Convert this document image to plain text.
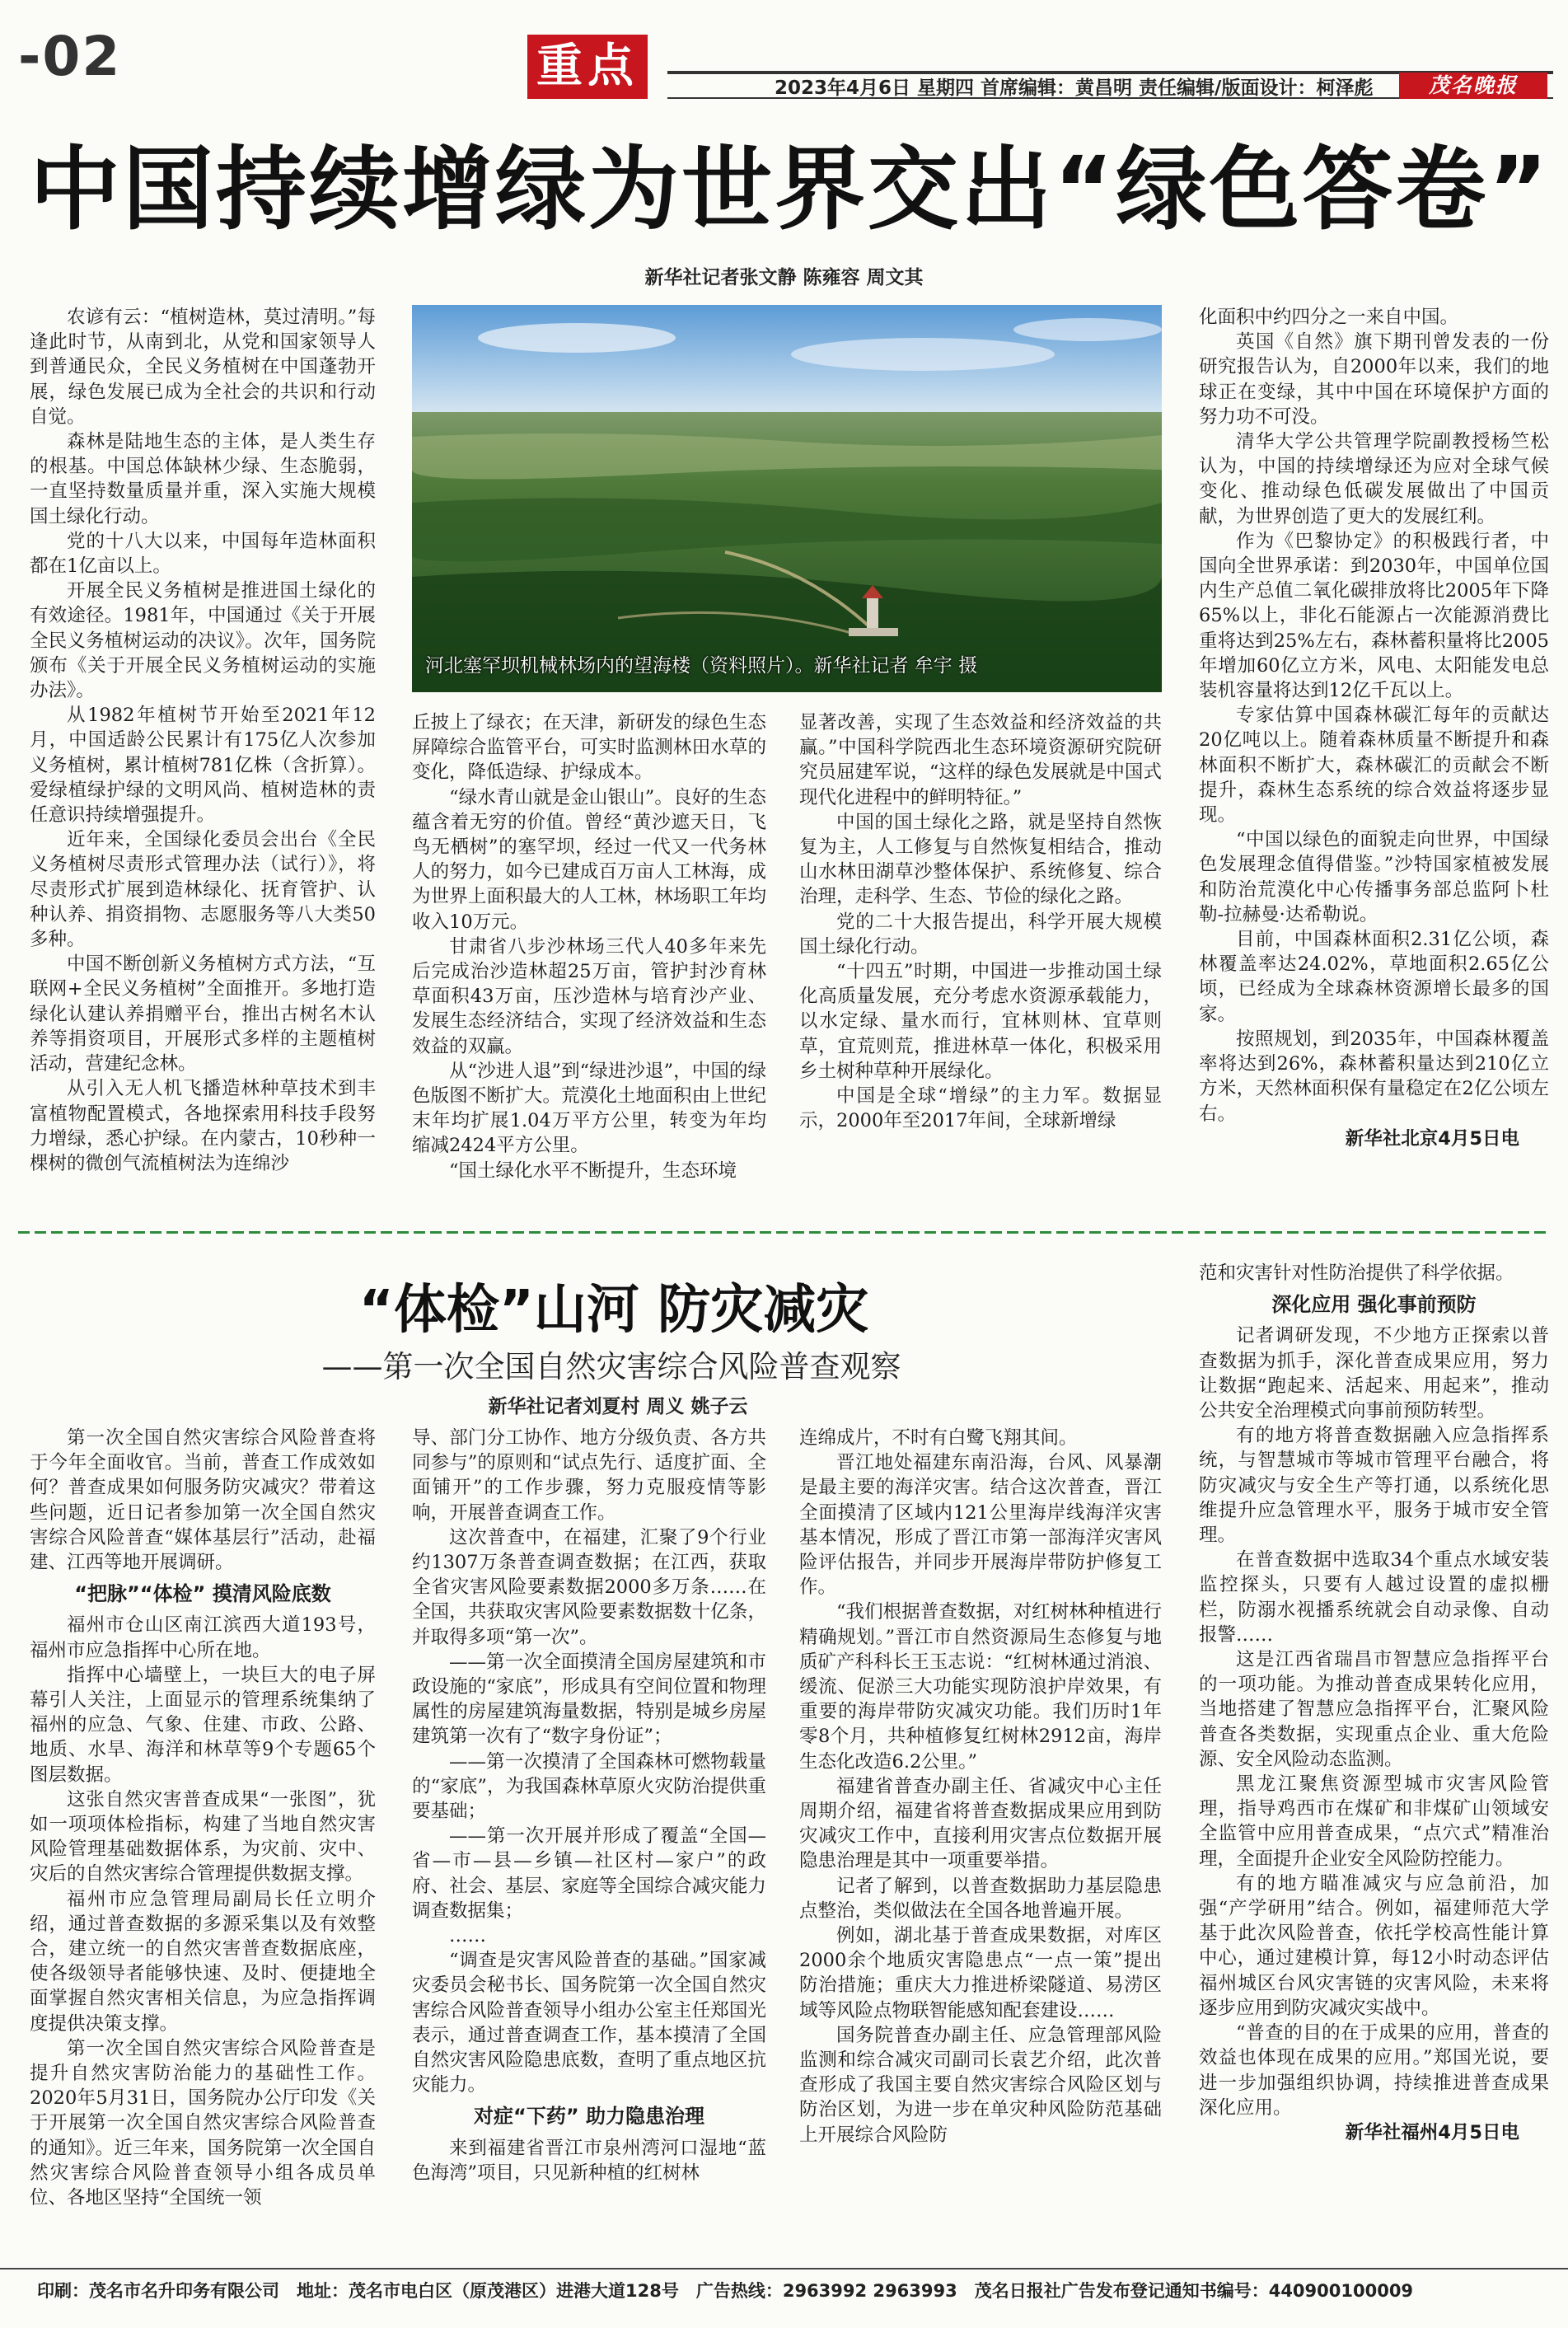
-02	重点	2023年4月6日 星期四 首席编辑：黄昌明 责任编辑/版面设计：柯泽彪	茂名晚报
中国持续增绿为世界交出“绿色答卷”
新华社记者张文静 陈雍容 周文其

农谚有云：“植树造林，莫过清明。”每逢此时节，从南到北，从党和国家领导人到普通民众，全民义务植树在中国蓬勃开展，绿色发展已成为全社会的共识和行动自觉。

森林是陆地生态的主体，是人类生存的根基。中国总体缺林少绿、生态脆弱，一直坚持数量质量并重，深入实施大规模国土绿化行动。

党的十八大以来，中国每年造林面积都在1亿亩以上。

开展全民义务植树是推进国土绿化的有效途径。1981年，中国通过《关于开展全民义务植树运动的决议》。次年，国务院颁布《关于开展全民义务植树运动的实施办法》。

从1982年植树节开始至2021年12月，中国适龄公民累计有175亿人次参加义务植树，累计植树781亿株（含折算）。爱绿植绿护绿的文明风尚、植树造林的责任意识持续增强提升。

近年来，全国绿化委员会出台《全民义务植树尽责形式管理办法（试行）》，将尽责形式扩展到造林绿化、抚育管护、认种认养、捐资捐物、志愿服务等八大类50多种。

中国不断创新义务植树方式方法，“互联网+全民义务植树”全面推开。多地打造绿化认建认养捐赠平台，推出古树名木认养等捐资项目，开展形式多样的主题植树活动，营建纪念林。

从引入无人机飞播造林种草技术到丰富植物配置模式，各地探索用科技手段努力增绿，悉心护绿。在内蒙古，10秒种一棵树的微创气流植树法为连绵沙

河北塞罕坝机械林场内的望海楼（资料照片）。新华社记者 牟宇 摄

丘披上了绿衣；在天津，新研发的绿色生态屏障综合监管平台，可实时监测林田水草的变化，降低造绿、护绿成本。

“绿水青山就是金山银山”。良好的生态蕴含着无穷的价值。曾经“黄沙遮天日，飞鸟无栖树”的塞罕坝，经过一代又一代务林人的努力，如今已建成百万亩人工林海，成为世界上面积最大的人工林，林场职工年均收入10万元。

甘肃省八步沙林场三代人40多年来先后完成治沙造林超25万亩，管护封沙育林草面积43万亩，压沙造林与培育沙产业、发展生态经济结合，实现了经济效益和生态效益的双赢。

从“沙进人退”到“绿进沙退”，中国的绿色版图不断扩大。荒漠化土地面积由上世纪末年均扩展1.04万平方公里，转变为年均缩减2424平方公里。

“国土绿化水平不断提升，生态环境

显著改善，实现了生态效益和经济效益的共赢。”中国科学院西北生态环境资源研究院研究员屈建军说，“这样的绿色发展就是中国式现代化进程中的鲜明特征。”

中国的国土绿化之路，就是坚持自然恢复为主，人工修复与自然恢复相结合，推动山水林田湖草沙整体保护、系统修复、综合治理，走科学、生态、节俭的绿化之路。

党的二十大报告提出，科学开展大规模国土绿化行动。

“十四五”时期，中国进一步推动国土绿化高质量发展，充分考虑水资源承载能力，以水定绿、量水而行，宜林则林、宜草则草，宜荒则荒，推进林草一体化，积极采用乡土树种草种开展绿化。

中国是全球“增绿”的主力军。数据显示，2000年至2017年间，全球新增绿

化面积中约四分之一来自中国。

英国《自然》旗下期刊曾发表的一份研究报告认为，自2000年以来，我们的地球正在变绿，其中中国在环境保护方面的努力功不可没。

清华大学公共管理学院副教授杨竺松认为，中国的持续增绿还为应对全球气候变化、推动绿色低碳发展做出了中国贡献，为世界创造了更大的发展红利。

作为《巴黎协定》的积极践行者，中国向全世界承诺：到2030年，中国单位国内生产总值二氧化碳排放将比2005年下降65%以上，非化石能源占一次能源消费比重将达到25%左右，森林蓄积量将比2005年增加60亿立方米，风电、太阳能发电总装机容量将达到12亿千瓦以上。

专家估算中国森林碳汇每年的贡献达20亿吨以上。随着森林质量不断提升和森林面积不断扩大，森林碳汇的贡献会不断提升，森林生态系统的综合效益将逐步显现。

“中国以绿色的面貌走向世界，中国绿色发展理念值得借鉴。”沙特国家植被发展和防治荒漠化中心传播事务部总监阿卜杜勒-拉赫曼·达希勒说。

目前，中国森林面积2.31亿公顷，森林覆盖率达24.02%，草地面积2.65亿公顷，已经成为全球森林资源增长最多的国家。

按照规划，到2035年，中国森林覆盖率将达到26%，森林蓄积量达到210亿立方米，天然林面积保有量稳定在2亿公顷左右。

新华社北京4月5日电

“体检”山河 防灾减灾
——第一次全国自然灾害综合风险普查观察
新华社记者刘夏村 周义 姚子云

第一次全国自然灾害综合风险普查将于今年全面收官。当前，普查工作成效如何？普查成果如何服务防灾减灾？带着这些问题，近日记者参加第一次全国自然灾害综合风险普查“媒体基层行”活动，赴福建、江西等地开展调研。

“把脉”“体检” 摸清风险底数

福州市仓山区南江滨西大道193号，福州市应急指挥中心所在地。

指挥中心墙壁上，一块巨大的电子屏幕引人关注，上面显示的管理系统集纳了福州的应急、气象、住建、市政、公路、地质、水旱、海洋和林草等9个专题65个图层数据。

这张自然灾害普查成果“一张图”，犹如一项项体检指标，构建了当地自然灾害风险管理基础数据体系，为灾前、灾中、灾后的自然灾害综合管理提供数据支撑。

福州市应急管理局副局长任立明介绍，通过普查数据的多源采集以及有效整合，建立统一的自然灾害普查数据底座，使各级领导者能够快速、及时、便捷地全面掌握自然灾害相关信息，为应急指挥调度提供决策支撑。

第一次全国自然灾害综合风险普查是提升自然灾害防治能力的基础性工作。2020年5月31日，国务院办公厅印发《关于开展第一次全国自然灾害综合风险普查的通知》。近三年来，国务院第一次全国自然灾害综合风险普查领导小组各成员单位、各地区坚持“全国统一领

导、部门分工协作、地方分级负责、各方共同参与”的原则和“试点先行、适度扩面、全面铺开”的工作步骤，努力克服疫情等影响，开展普查调查工作。

这次普查中，在福建，汇聚了9个行业约1307万条普查调查数据；在江西，获取全省灾害风险要素数据2000多万条……在全国，共获取灾害风险要素数据数十亿条，并取得多项“第一次”。

——第一次全面摸清全国房屋建筑和市政设施的“家底”，形成具有空间位置和物理属性的房屋建筑海量数据，特别是城乡房屋建筑第一次有了“数字身份证”；

——第一次摸清了全国森林可燃物载量的“家底”，为我国森林草原火灾防治提供重要基础；

——第一次开展并形成了覆盖“全国—省—市—县—乡镇—社区村—家户”的政府、社会、基层、家庭等全国综合减灾能力调查数据集；

……

“调查是灾害风险普查的基础。”国家减灾委员会秘书长、国务院第一次全国自然灾害综合风险普查领导小组办公室主任郑国光表示，通过普查调查工作，基本摸清了全国自然灾害风险隐患底数，查明了重点地区抗灾能力。

对症“下药” 助力隐患治理

来到福建省晋江市泉州湾河口湿地“蓝色海湾”项目，只见新种植的红树林

连绵成片，不时有白鹭飞翔其间。

晋江地处福建东南沿海，台风、风暴潮是最主要的海洋灾害。结合这次普查，晋江全面摸清了区域内121公里海岸线海洋灾害基本情况，形成了晋江市第一部海洋灾害风险评估报告，并同步开展海岸带防护修复工作。

“我们根据普查数据，对红树林种植进行精确规划。”晋江市自然资源局生态修复与地质矿产科科长王玉志说：“红树林通过消浪、缓流、促淤三大功能实现防浪护岸效果，有重要的海岸带防灾减灾功能。我们历时1年零8个月，共种植修复红树林2912亩，海岸生态化改造6.2公里。”

福建省普查办副主任、省减灾中心主任周期介绍，福建省将普查数据成果应用到防灾减灾工作中，直接利用灾害点位数据开展隐患治理是其中一项重要举措。

记者了解到，以普查数据助力基层隐患点整治，类似做法在全国各地普遍开展。

例如，湖北基于普查成果数据，对库区2000余个地质灾害隐患点“一点一策”提出防治措施；重庆大力推进桥梁隧道、易涝区域等风险点物联智能感知配套建设……

国务院普查办副主任、应急管理部风险监测和综合减灾司副司长袁艺介绍，此次普查形成了我国主要自然灾害综合风险区划与防治区划，为进一步在单灾种风险防范基础上开展综合风险防

范和灾害针对性防治提供了科学依据。

深化应用 强化事前预防

记者调研发现，不少地方正探索以普查数据为抓手，深化普查成果应用，努力让数据“跑起来、活起来、用起来”，推动公共安全治理模式向事前预防转型。

有的地方将普查数据融入应急指挥系统，与智慧城市等城市管理平台融合，将防灾减灾与安全生产等打通，以系统化思维提升应急管理水平，服务于城市安全管理。

在普查数据中选取34个重点水域安装监控探头，只要有人越过设置的虚拟栅栏，防溺水视播系统就会自动录像、自动报警……

这是江西省瑞昌市智慧应急指挥平台的一项功能。为推动普查成果转化应用，当地搭建了智慧应急指挥平台，汇聚风险普查各类数据，实现重点企业、重大危险源、安全风险动态监测。

黑龙江聚焦资源型城市灾害风险管理，指导鸡西市在煤矿和非煤矿山领域安全监管中应用普查成果，“点穴式”精准治理，全面提升企业安全风险防控能力。

有的地方瞄准减灾与应急前沿，加强“产学研用”结合。例如，福建师范大学基于此次风险普查，依托学校高性能计算中心，通过建模计算，每12小时动态评估福州城区台风灾害链的灾害风险，未来将逐步应用到防灾减灾实战中。

“普查的目的在于成果的应用，普查的效益也体现在成果的应用。”郑国光说，要进一步加强组织协调，持续推进普查成果深化应用。

新华社福州4月5日电

印刷：茂名市名升印务有限公司　地址：茂名市电白区（原茂港区）进港大道128号　广告热线：2963992 2963993　茂名日报社广告发布登记通知书编号：440900100009
